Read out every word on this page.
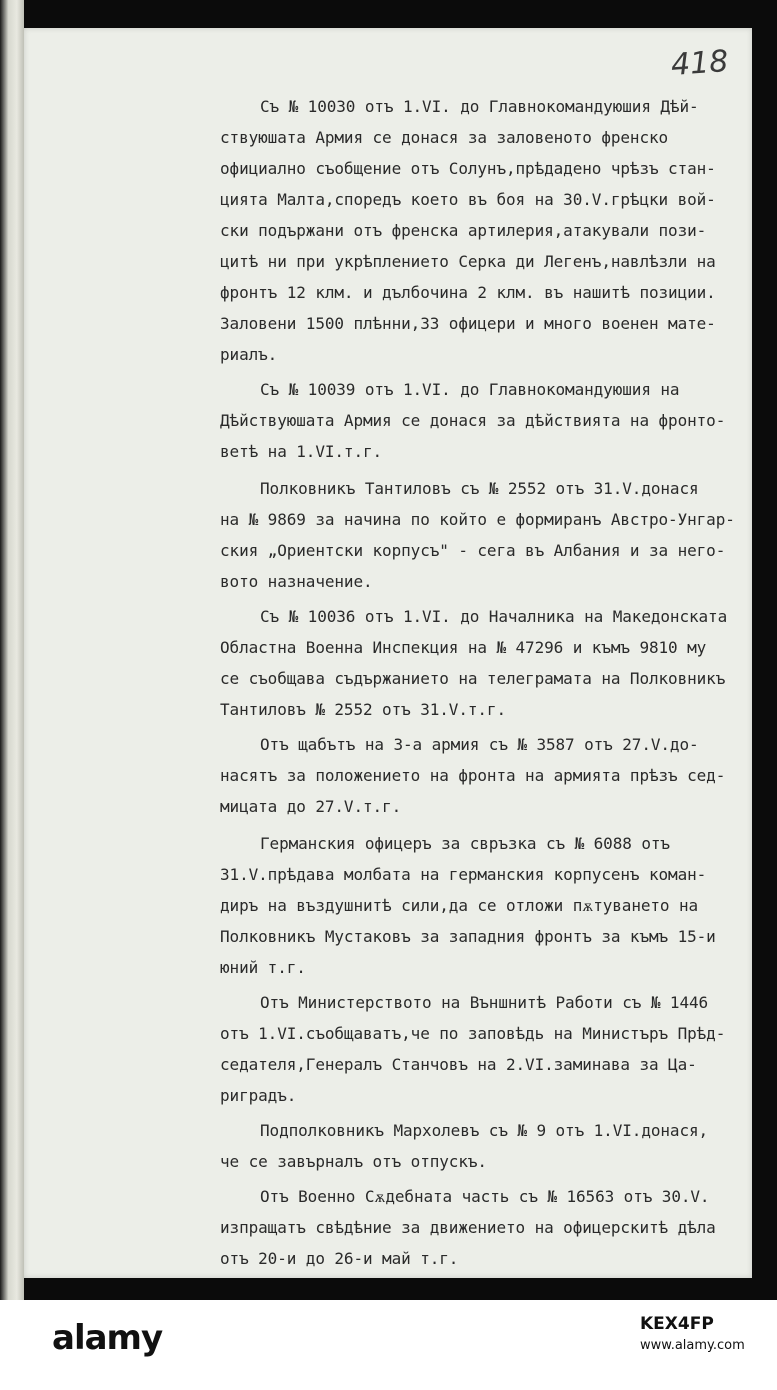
418
Съ № 10030 отъ 1.VI. до Главнокомандуюшия Дѣй-
ствуюшата Армия се донася за заловеното френско
официално съобщение отъ Солунъ,прѣдадено чрѣзъ стан-
цията Малта,споредъ което въ боя на 30.V.грѣцки вой-
ски подържани отъ френска артилерия,атакували пози-
цитѣ ни при укрѣплението Серка ди Легенъ,навлѣзли на
фронтъ 12 клм. и дълбочина 2 клм. въ нашитѣ позиции.
Заловени 1500 плѣнни,33 офицери и много военен матe-
риалъ.
Съ № 10039 отъ 1.VI. до Главнокомандуюшия на
Дѣйствуюшата Армия се донася за дѣйствията на фронто-
ветѣ на 1.VI.т.г.
Полковникъ Тантиловъ съ № 2552 отъ 31.V.донася
на № 9869 за начина по който е формиранъ Австро-Унгар-
ския „Ориентски корпусъ" - сега въ Албания и за него-
вото назначение.
Съ № 10036 отъ 1.VI. до Началника на Македонската
Областна Военна Инспекция на № 47296 и къмъ 9810 му
се съобщава съдържанието на телеграмата на Полковникъ
Тантиловъ № 2552 отъ 31.V.т.г.
Отъ щабътъ на 3-а армия съ № 3587 отъ 27.V.до-
насятъ за положението на фронта на армията прѣзъ сед-
мицата до 27.V.т.г.
Германския офицеръ за свръзка съ № 6088 отъ
31.V.прѣдава молбата на германския корпусенъ коман-
диръ на въздушнитѣ сили,да се отложи пѫтуването на
Полковникъ Мустаковъ за западния фронтъ за къмъ 15-и
юний т.г.
Отъ Министерството на Външнитѣ Работи съ № 1446
отъ 1.VI.съобщаватъ,че по заповѣдь на Министъръ Прѣд-
седателя,Генералъ Станчовъ на 2.VI.заминава за Ца-
риградъ.
Подполковникъ Мархолевъ съ № 9 отъ 1.VI.донася,
че се завърналъ отъ отпускъ.
Отъ Военно Сѫдебната часть съ № 16563 отъ 30.V.
изпращатъ свѣдѣние за движението на офицерскитѣ дѣла
отъ 20-и до 26-и май т.г.
alamy	KEX4FP
www.alamy.com
